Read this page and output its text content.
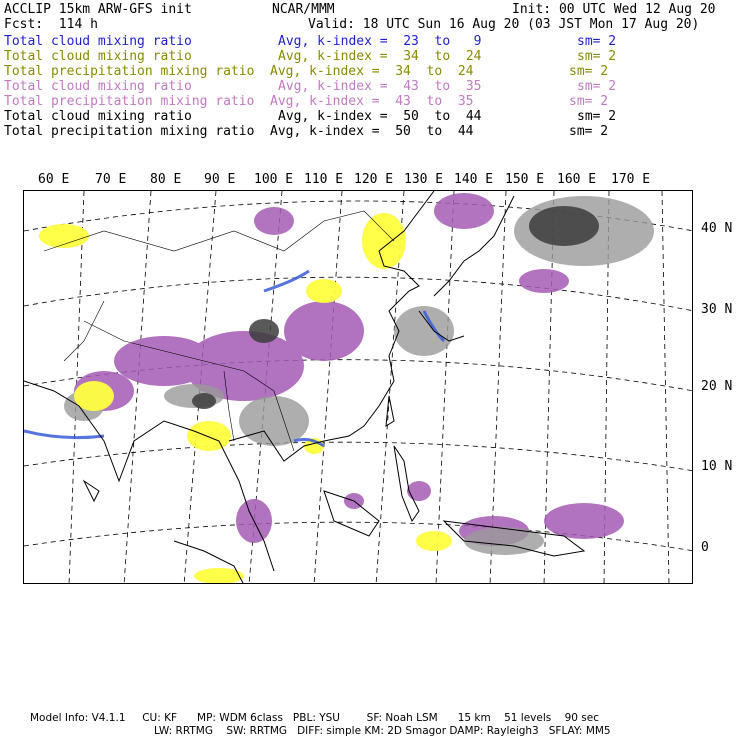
ACCLIP 15km ARW-GFS init	NCAR/MMM	Init: 00 UTC Wed 12 Aug 20
Fcst:  114 h	Valid: 18 UTC Sun 16 Aug 20 (03 JST Mon 17 Aug 20)
Total cloud mixing ratio	Avg, k-index =  23  to   9	sm= 2
Total cloud mixing ratio	Avg, k-index =  34  to  24	sm= 2
Total precipitation mixing ratio Avg, k-index =  34  to  24	sm= 2
Total cloud mixing ratio	Avg, k-index =  43  to  35	sm= 2
Total precipitation mixing ratio Avg, k-index =  43  to  35	sm= 2
Total cloud mixing ratio	Avg, k-index =  50  to  44	sm= 2
Total precipitation mixing ratio Avg, k-index =  50  to  44	sm= 2
60 E 70 E 80 E 90 E 100 E 110 E 120 E 130 E 140 E 150 E 160 E 170 E
40 N
30 N
20 N
10 N
0
Model Info: V4.1.1     CU: KF      MP: WDM 6class   PBL: YSU        SF: Noah LSM      15 km    51 levels    90 sec
LW: RRTMG    SW: RRTMG   DIFF: simple KM: 2D Smagor DAMP: Rayleigh3   SFLAY: MM5
